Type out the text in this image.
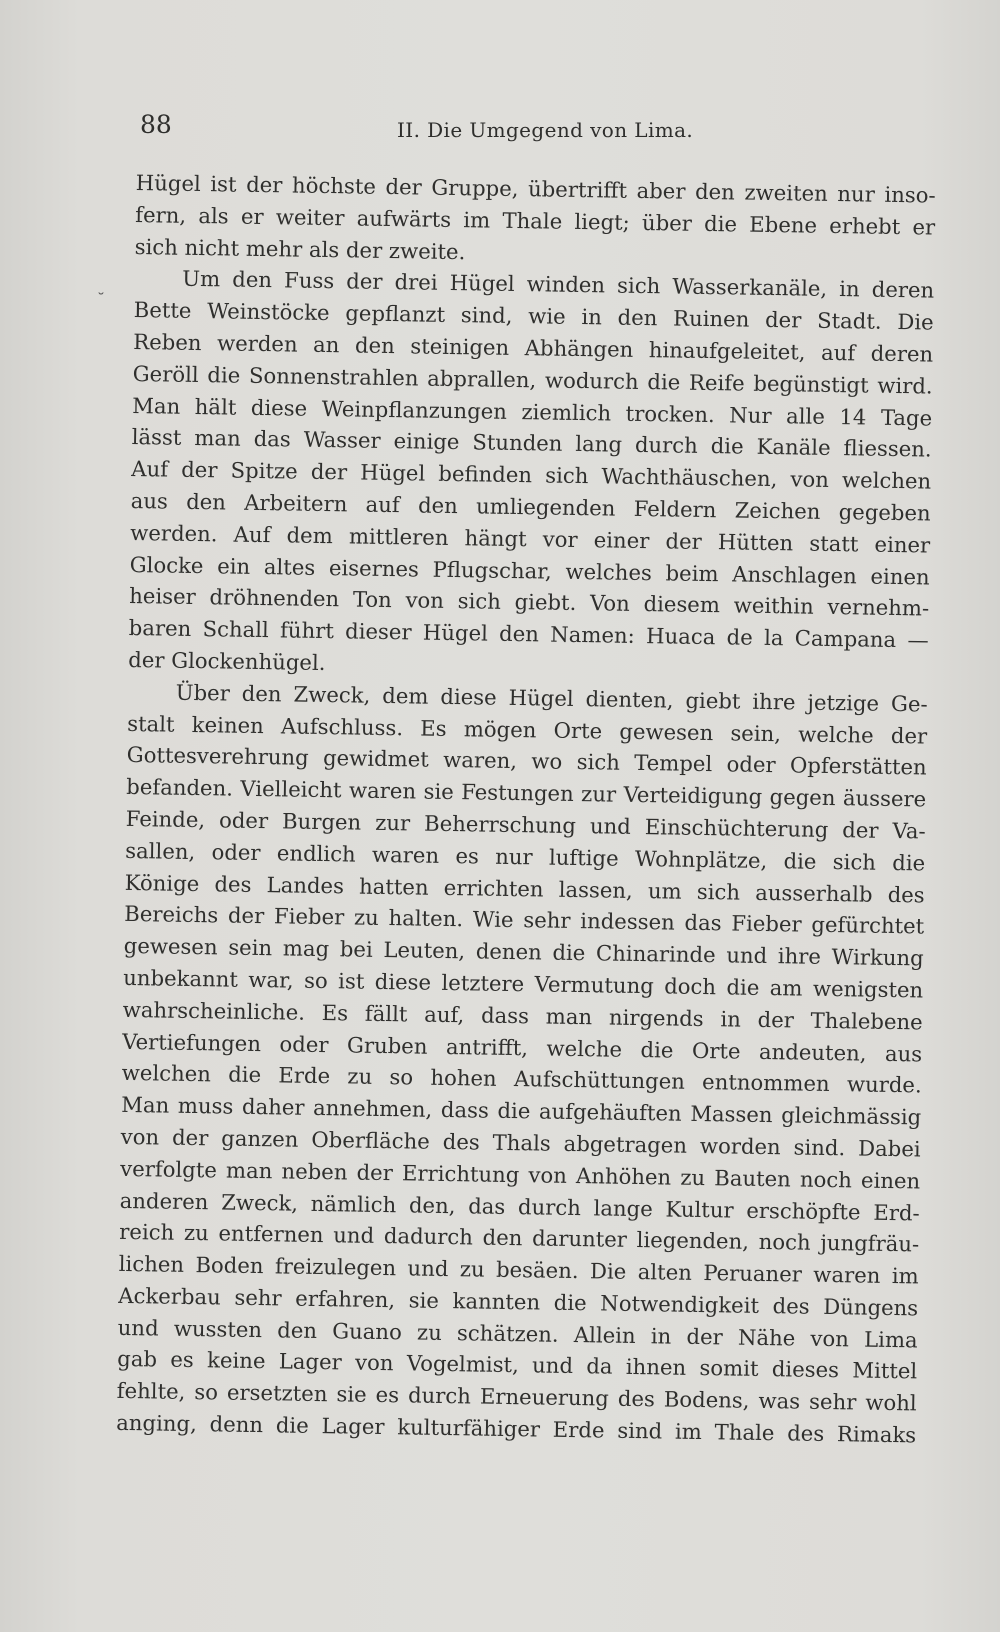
88	II. Die Umgegend von Lima.
˘
Hügel ist der höchste der Gruppe, übertrifft aber den zweiten nur inso-
fern, als er weiter aufwärts im Thale liegt; über die Ebene erhebt er
sich nicht mehr als der zweite.
Um den Fuss der drei Hügel winden sich Wasserkanäle, in deren
Bette Weinstöcke gepflanzt sind, wie in den Ruinen der Stadt. Die
Reben werden an den steinigen Abhängen hinaufgeleitet, auf deren
Geröll die Sonnenstrahlen abprallen, wodurch die Reife begünstigt wird.
Man hält diese Weinpflanzungen ziemlich trocken. Nur alle 14 Tage
lässt man das Wasser einige Stunden lang durch die Kanäle fliessen.
Auf der Spitze der Hügel befinden sich Wachthäuschen, von welchen
aus den Arbeitern auf den umliegenden Feldern Zeichen gegeben
werden. Auf dem mittleren hängt vor einer der Hütten statt einer
Glocke ein altes eisernes Pflugschar, welches beim Anschlagen einen
heiser dröhnenden Ton von sich giebt. Von diesem weithin vernehm-
baren Schall führt dieser Hügel den Namen: Huaca de la Campana —
der Glockenhügel.
Über den Zweck, dem diese Hügel dienten, giebt ihre jetzige Ge-
stalt keinen Aufschluss. Es mögen Orte gewesen sein, welche der
Gottesverehrung gewidmet waren, wo sich Tempel oder Opferstätten
befanden. Vielleicht waren sie Festungen zur Verteidigung gegen äussere
Feinde, oder Burgen zur Beherrschung und Einschüchterung der Va-
sallen, oder endlich waren es nur luftige Wohnplätze, die sich die
Könige des Landes hatten errichten lassen, um sich ausserhalb des
Bereichs der Fieber zu halten. Wie sehr indessen das Fieber gefürchtet
gewesen sein mag bei Leuten, denen die Chinarinde und ihre Wirkung
unbekannt war, so ist diese letztere Vermutung doch die am wenigsten
wahrscheinliche. Es fällt auf, dass man nirgends in der Thalebene
Vertiefungen oder Gruben antrifft, welche die Orte andeuten, aus
welchen die Erde zu so hohen Aufschüttungen entnommen wurde.
Man muss daher annehmen, dass die aufgehäuften Massen gleichmässig
von der ganzen Oberfläche des Thals abgetragen worden sind. Dabei
verfolgte man neben der Errichtung von Anhöhen zu Bauten noch einen
anderen Zweck, nämlich den, das durch lange Kultur erschöpfte Erd-
reich zu entfernen und dadurch den darunter liegenden, noch jungfräu-
lichen Boden freizulegen und zu besäen. Die alten Peruaner waren im
Ackerbau sehr erfahren, sie kannten die Notwendigkeit des Düngens
und wussten den Guano zu schätzen. Allein in der Nähe von Lima
gab es keine Lager von Vogelmist, und da ihnen somit dieses Mittel
fehlte, so ersetzten sie es durch Erneuerung des Bodens, was sehr wohl
anging, denn die Lager kulturfähiger Erde sind im Thale des Rimaks
